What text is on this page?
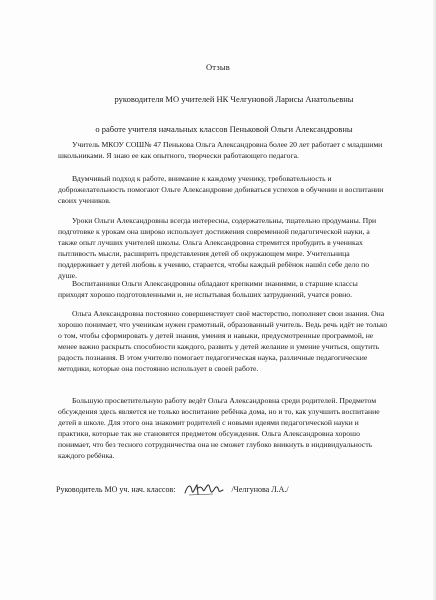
Отзыв
руководителя МО учителей НК Челгуновой Ларисы Анатольевны
о работе учителя начальных классов Пеньковой Ольги Александровны

Учитель МКОУ СОШ№ 47 Пенькова Ольга Александровна более 20 лет работает с младшими школьниками. Я знаю ее как опытного, творчески работающего педагога.

Вдумчивый подход к работе, внимание к каждому ученику, требовательность и доброжелательность помогают Ольге Александровне добиваться успехов в обучении и воспитании своих учеников.

Уроки Ольги Александровны всегда интересны, содержательны, тщательно продуманы. При подготовке к урокам она широко использует достижения современной педагогической науки, а также опыт лучших учителей школы. Ольга Александровна стремится пробудить в учениках пытливость мысли, расширить представления детей об окружающем мире. Учительница поддерживает у детей любовь к учению, старается, чтобы каждый ребёнок нашёл себе дело по душе.

Воспитанники Ольги Александровны обладают крепкими знаниями, в старшие классы приходят хорошо подготовленными и, не испытывая больших затруднений, учатся ровно.

Ольга Александровна постоянно совершенствует своё мастерство, пополняет свои знания. Она хорошо понимает, что ученикам нужен грамотный, образованный учитель. Ведь речь идёт не только о том, чтобы сформировать у детей знания, умения и навыки, предусмотренные программой, не менее важно раскрыть способности каждого, развить у детей желание и умение учиться, ощутить радость познания. В этом учителю помогает педагогическая наука, различные педагогические методики, которые она постоянно использует в своей работе.

Большую просветительную работу ведёт Ольга Александровна среди родителей. Предметом обсуждения здесь является не только воспитание ребёнка дома, но и то, как улучшить воспитание детей в школе. Для этого она знакомит родителей с новыми идеями педагогической науки и практики, которые так же становятся предметом обсуждения. Ольга Александровна хорошо понимает, что без тесного сотрудничества она не сможет глубоко вникнуть в индивидуальность каждого ребёнка.

Руководитель МО уч. нач. классов:	/Челгунова Л.А./
